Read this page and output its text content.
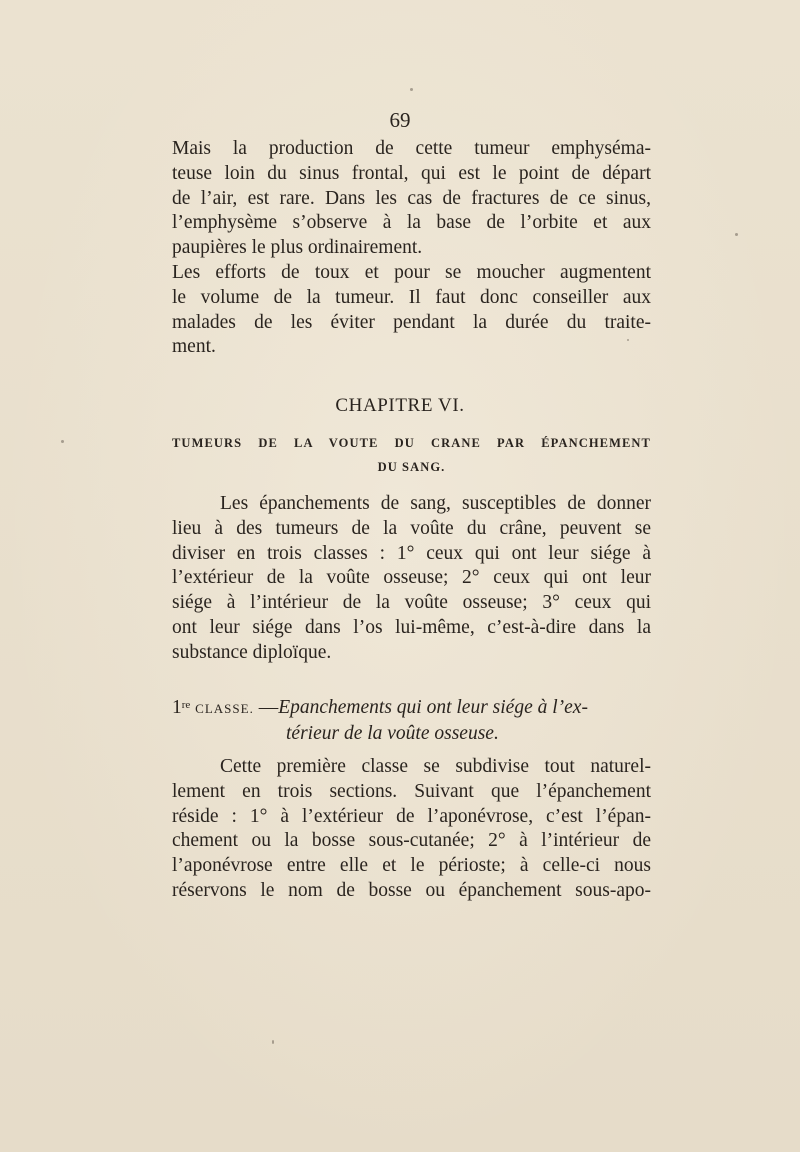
69
Mais la production de cette tumeur emphyséma-
teuse loin du sinus frontal, qui est le point de départ
de l’air, est rare. Dans les cas de fractures de ce sinus,
l’emphysème s’observe à la base de l’orbite et aux
paupières le plus ordinairement.
Les efforts de toux et pour se moucher augmentent
le volume de la tumeur. Il faut donc conseiller aux
malades de les éviter pendant la durée du traite-
ment.
CHAPITRE VI.
TUMEURS DE LA VOUTE DU CRANE PAR ÉPANCHEMENT
DU SANG.
Les épanchements de sang, susceptibles de donner
lieu à des tumeurs de la voûte du crâne, peuvent se
diviser en trois classes : 1° ceux qui ont leur siége à
l’extérieur de la voûte osseuse; 2° ceux qui ont leur
siége à l’intérieur de la voûte osseuse; 3° ceux qui
ont leur siége dans l’os lui-même, c’est-à-dire dans la
substance diploïque.
1re CLASSE. —Epanchements qui ont leur siége à l’ex-
térieur de la voûte osseuse.
Cette première classe se subdivise tout naturel-
lement en trois sections. Suivant que l’épanchement
réside : 1° à l’extérieur de l’aponévrose, c’est l’épan-
chement ou la bosse sous-cutanée; 2° à l’intérieur de
l’aponévrose entre elle et le périoste; à celle-ci nous
réservons le nom de bosse ou épanchement sous-apo-
